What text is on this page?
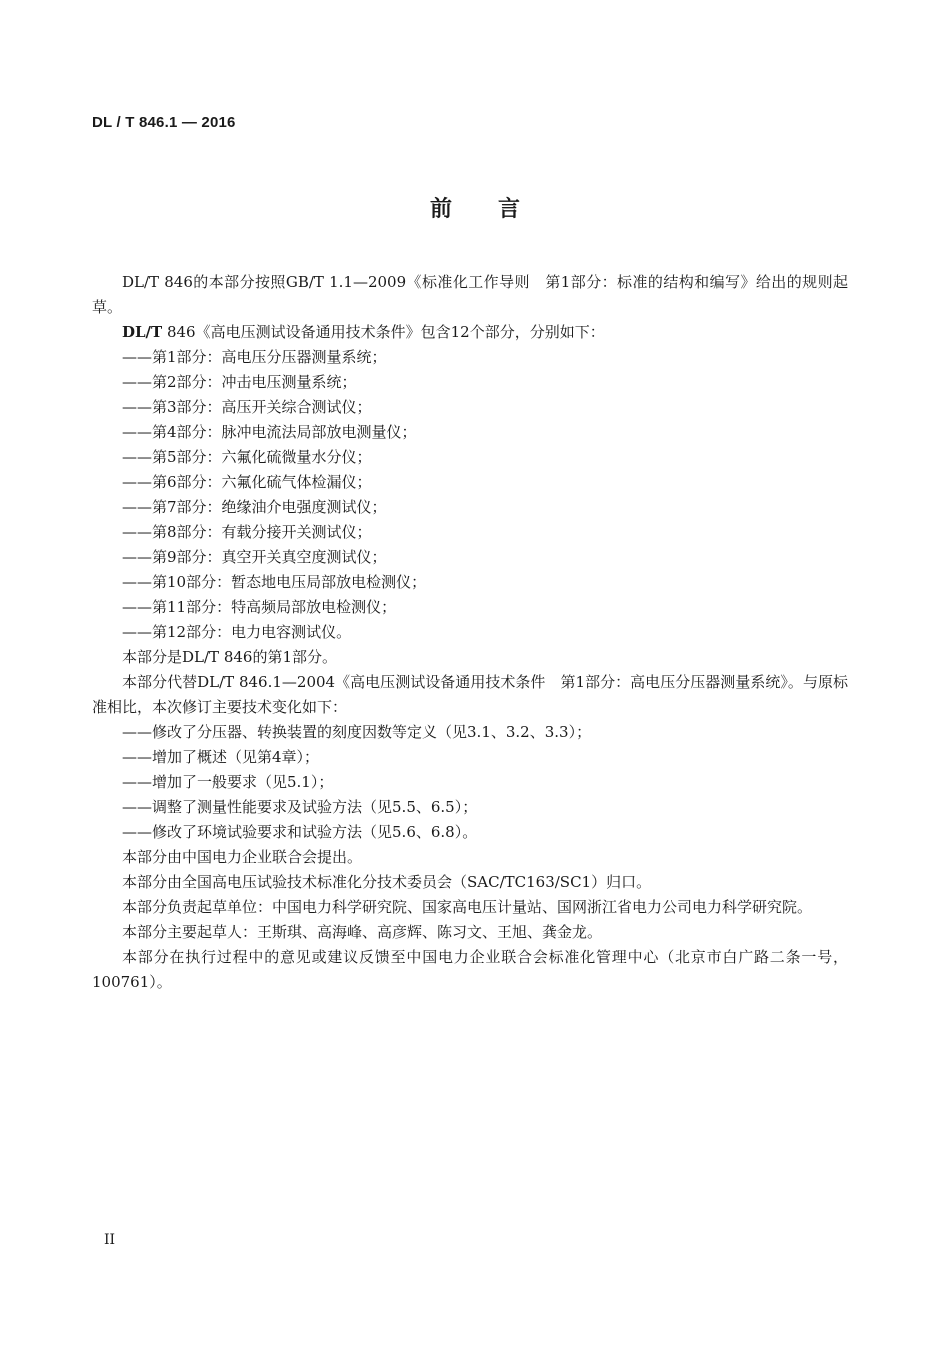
DL / T 846.1 — 2016
前言

DL/T 846的本部分按照GB/T 1.1—2009《标准化工作导则　第1部分：标准的结构和编写》给出的规则起草。

DL/T 846《高电压测试设备通用技术条件》包含12个部分，分别如下：

——第1部分：高电压分压器测量系统；

——第2部分：冲击电压测量系统；

——第3部分：高压开关综合测试仪；

——第4部分：脉冲电流法局部放电测量仪；

——第5部分：六氟化硫微量水分仪；

——第6部分：六氟化硫气体检漏仪；

——第7部分：绝缘油介电强度测试仪；

——第8部分：有载分接开关测试仪；

——第9部分：真空开关真空度测试仪；

——第10部分：暂态地电压局部放电检测仪；

——第11部分：特高频局部放电检测仪；

——第12部分：电力电容测试仪。

本部分是DL/T 846的第1部分。

本部分代替DL/T 846.1—2004《高电压测试设备通用技术条件　第1部分：高电压分压器测量系统》。与原标准相比，本次修订主要技术变化如下：

——修改了分压器、转换装置的刻度因数等定义（见3.1、3.2、3.3）；

——增加了概述（见第4章）；

——增加了一般要求（见5.1）；

——调整了测量性能要求及试验方法（见5.5、6.5）；

——修改了环境试验要求和试验方法（见5.6、6.8）。

本部分由中国电力企业联合会提出。

本部分由全国高电压试验技术标准化分技术委员会（SAC/TC163/SC1）归口。

本部分负责起草单位：中国电力科学研究院、国家高电压计量站、国网浙江省电力公司电力科学研究院。

本部分主要起草人：王斯琪、高海峰、高彦辉、陈习文、王旭、龚金龙。

本部分在执行过程中的意见或建议反馈至中国电力企业联合会标准化管理中心（北京市白广路二条一号，100761）。

II
